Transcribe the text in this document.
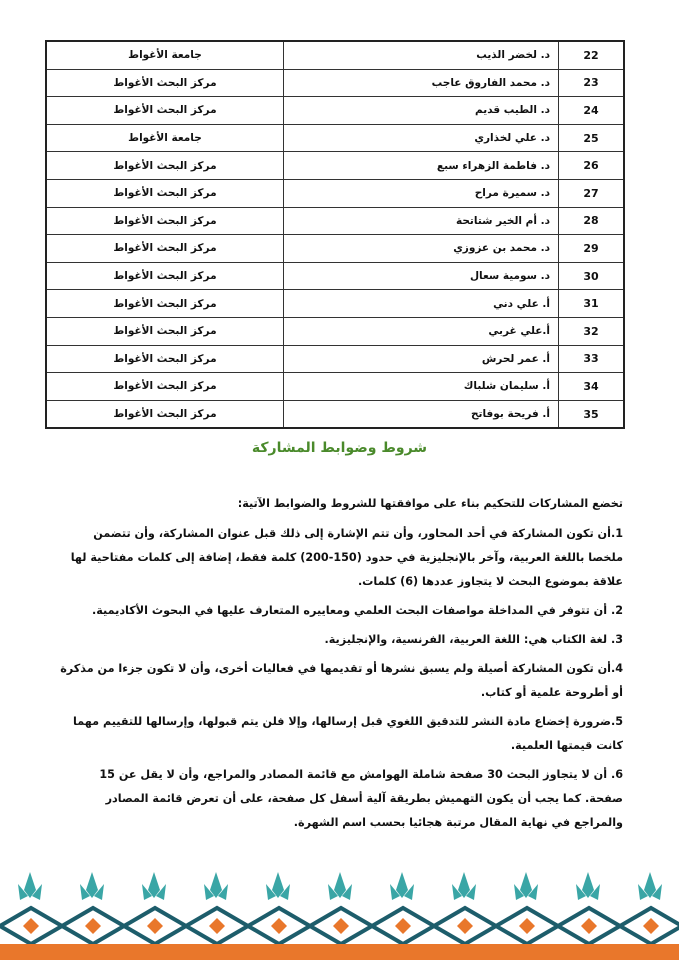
22	د. لخضر الذيب	جامعة الأغواط
23	د. محمد الفاروق عاجب	مركز البحث الأغواط
24	د. الطيب قديم	مركز البحث الأغواط
25	د. علي لخذاري	جامعة الأغواط
26	د. فاطمة الزهراء سبع	مركز البحث الأغواط
27	د. سميرة مراح	مركز البحث الأغواط
28	د. أم الخير شتاتحة	مركز البحث الأغواط
29	د. محمد بن عزوزي	مركز البحث الأغواط
30	د. سومية سعال	مركز البحث الأغواط
31	أ. علي دني	مركز البحث الأغواط
32	أ.علي غربي	مركز البحث الأغواط
33	أ. عمر لحرش	مركز البحث الأغواط
34	أ. سليمان شلباك	مركز البحث الأغواط
35	أ. فريحة بوفاتح	مركز البحث الأغواط
شروط وضوابط المشاركة

تخضع المشاركات للتحكيم بناء على موافقتها للشروط والضوابط الآتية:

1.أن تكون المشاركة في أحد المحاور، وأن تتم الإشارة إلى ذلك قبل عنوان المشاركة، وأن تتضمن ملخصا باللغة العربية، وآخر بالإنجليزية في حدود (150-200) كلمة فقط، إضافة إلى كلمات مفتاحية لها علاقة بموضوع البحث لا يتجاوز عددها (6) كلمات.

2. أن تتوفر في المداخلة مواصفات البحث العلمي ومعاييره المتعارف عليها في البحوث الأكاديمية.

3. لغة الكتاب هي: اللغة العربية، الفرنسية، والإنجليزية.

4.أن تكون المشاركة أصيلة ولم يسبق نشرها أو تقديمها في فعاليات أخرى، وأن لا تكون جزءا من مذكرة أو أطروحة علمية أو كتاب.

5.ضرورة إخضاع مادة النشر للتدقيق اللغوي قبل إرسالها، وإلا فلن يتم قبولها، وإرسالها للتقييم مهما كانت قيمتها العلمية.

6. أن لا يتجاوز البحث 30 صفحة شاملة الهوامش مع قائمة المصادر والمراجع، وأن لا يقل عن 15 صفحة. كما يجب أن يكون التهميش بطريقة آلية أسفل كل صفحة، على أن تعرض قائمة المصادر والمراجع في نهاية المقال مرتبة هجائيا بحسب اسم الشهرة.
